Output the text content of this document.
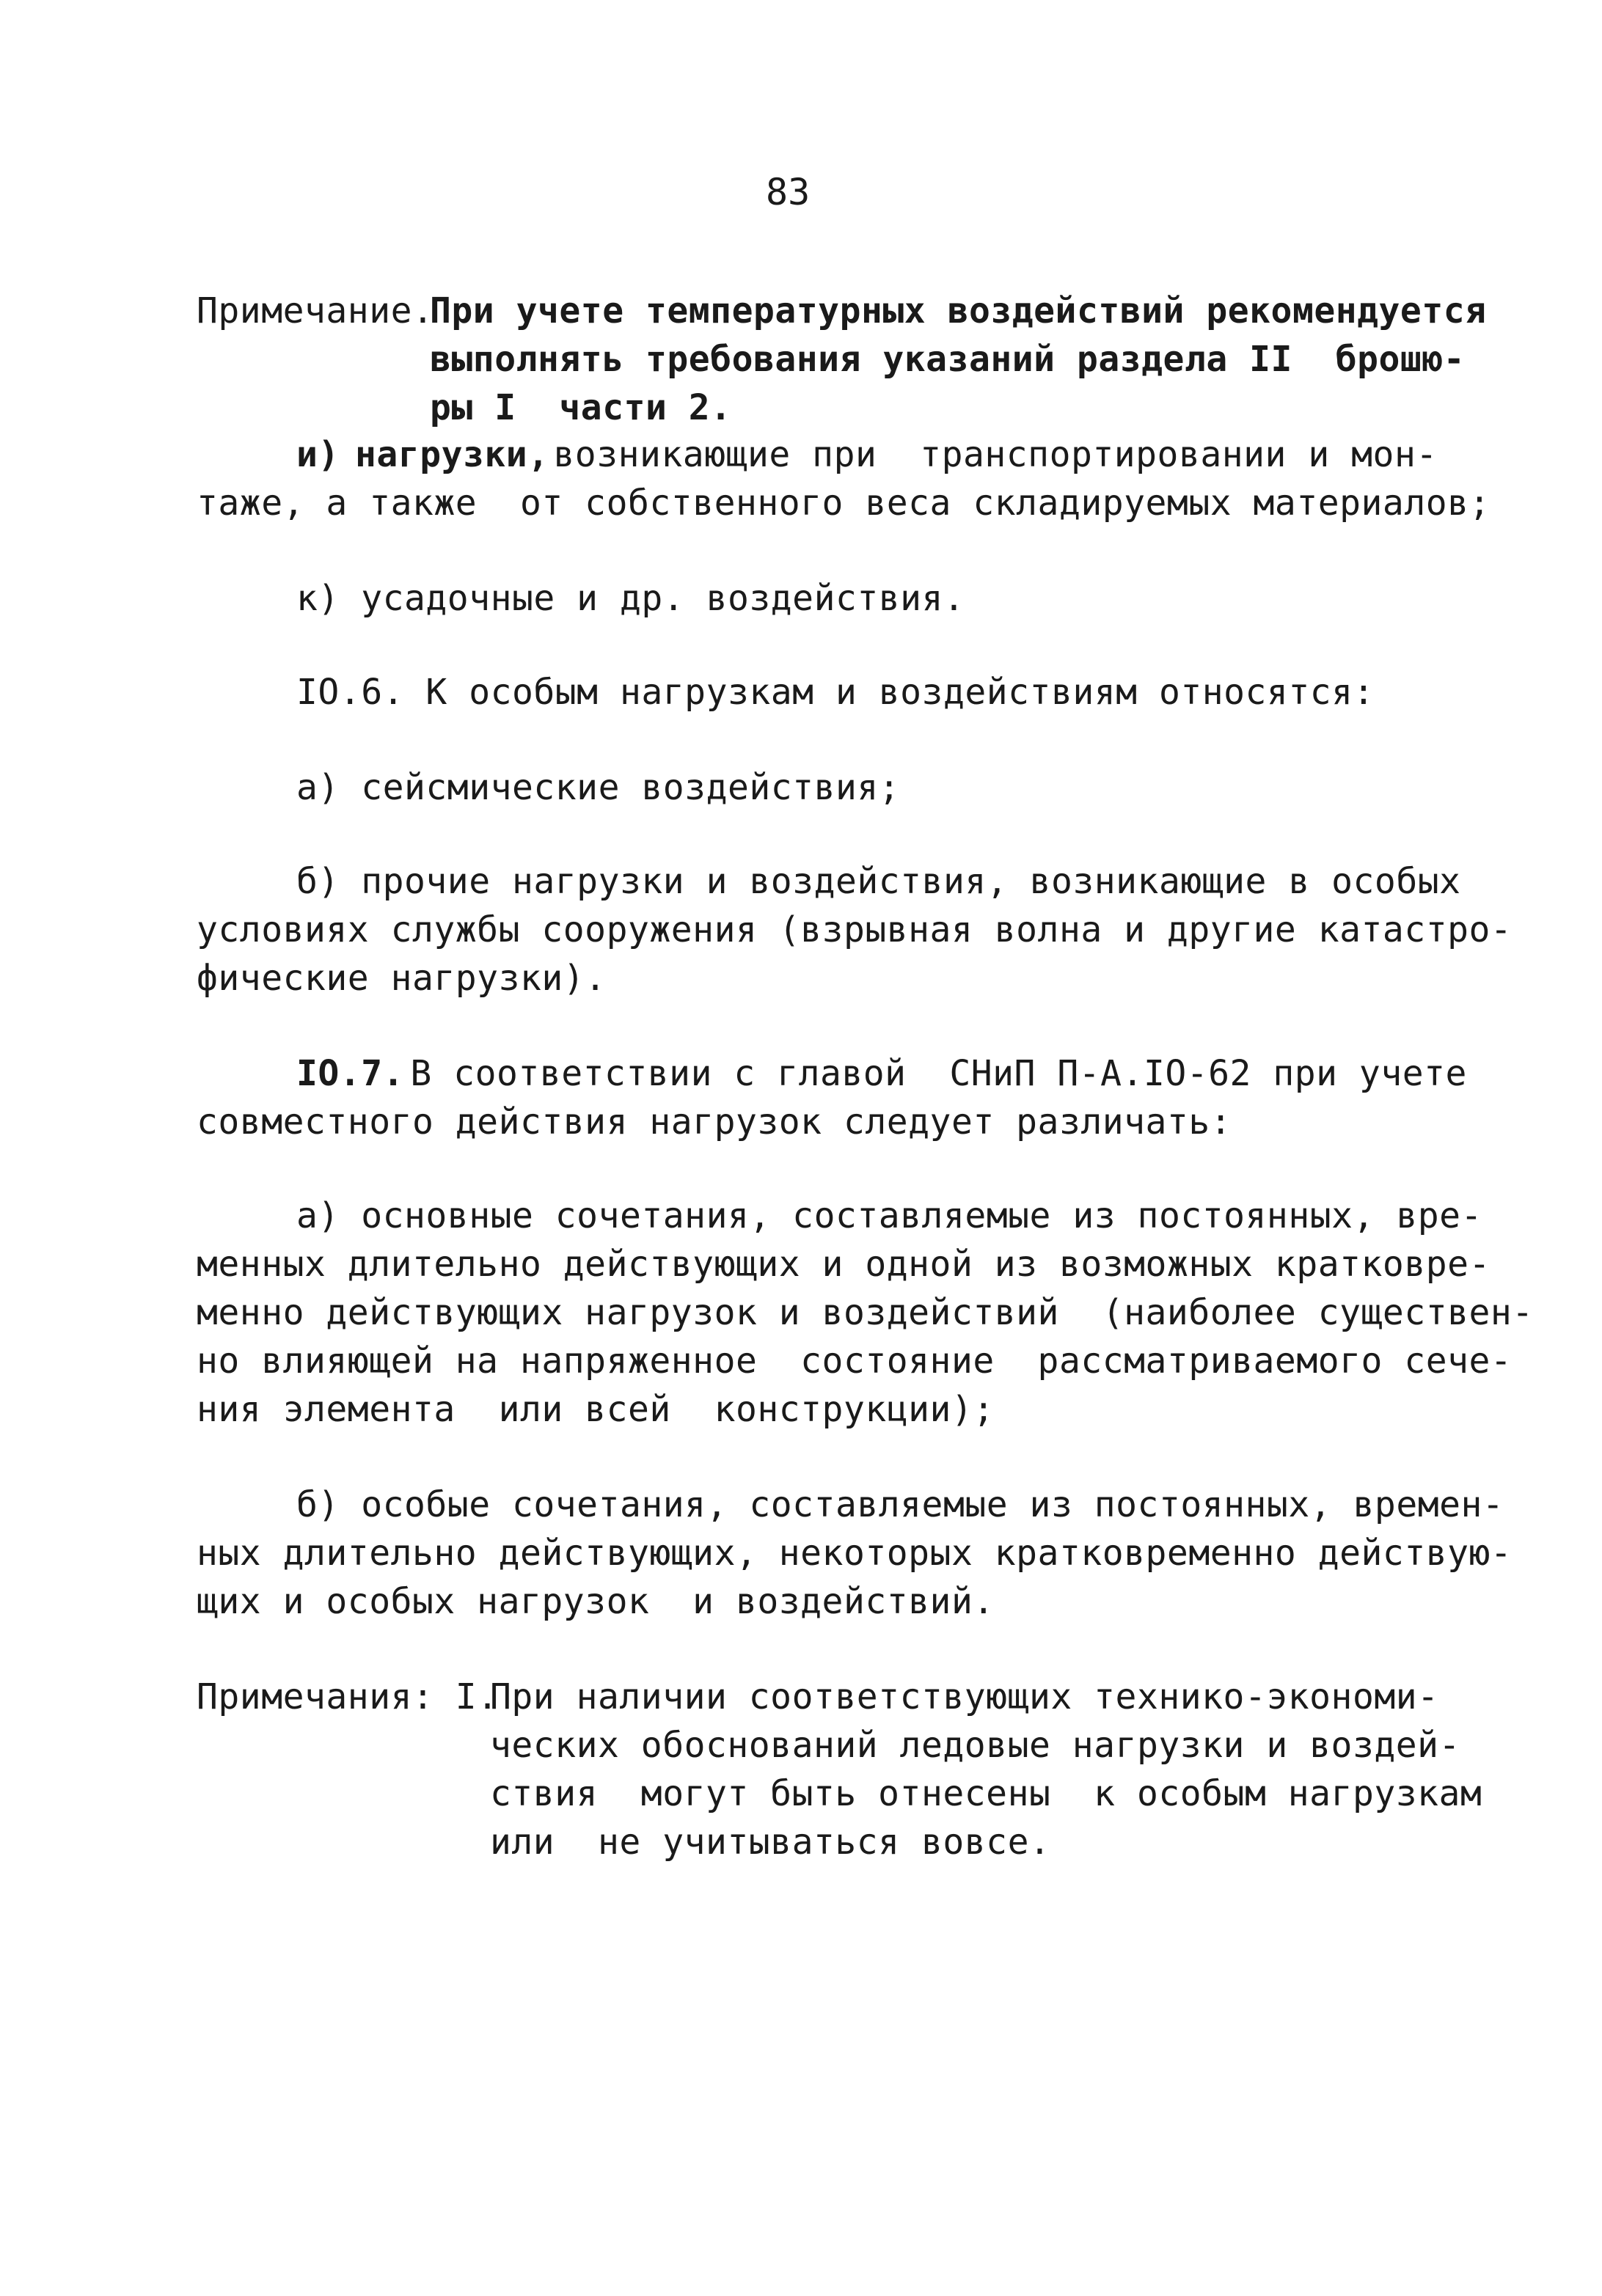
83
Примечание.
При учете температурных воздействий рекомендуется
выполнять требования указаний раздела II  брошю-
ры I  части 2.
и) нагрузки,
возникающие при  транспортировании и мон-
таже, а также  от собственного веса складируемых материалов;
к) усадочные и др. воздействия.
IO.6. К особым нагрузкам и воздействиям относятся:
а) сейсмические воздействия;
б) прочие нагрузки и воздействия, возникающие в особых
условиях службы сооружения (взрывная волна и другие катастро-
фические нагрузки).
IO.7.
В соответствии с главой  СНиП П-А.IO-62 при учете
совместного действия нагрузок следует различать:
а) основные сочетания, составляемые из постоянных, вре-
менных длительно действующих и одной из возможных кратковре-
менно действующих нагрузок и воздействий  (наиболее существен-
но влияющей на напряженное  состояние  рассматриваемого сече-
ния элемента  или всей  конструкции);
б) особые сочетания, составляемые из постоянных, времен-
ных длительно действующих, некоторых кратковременно действую-
щих и особых нагрузок  и воздействий.
Примечания: I.
При наличии соответствующих технико-экономи-
ческих обоснований ледовые нагрузки и воздей-
ствия  могут быть отнесены  к особым нагрузкам
или  не учитываться вовсе.
